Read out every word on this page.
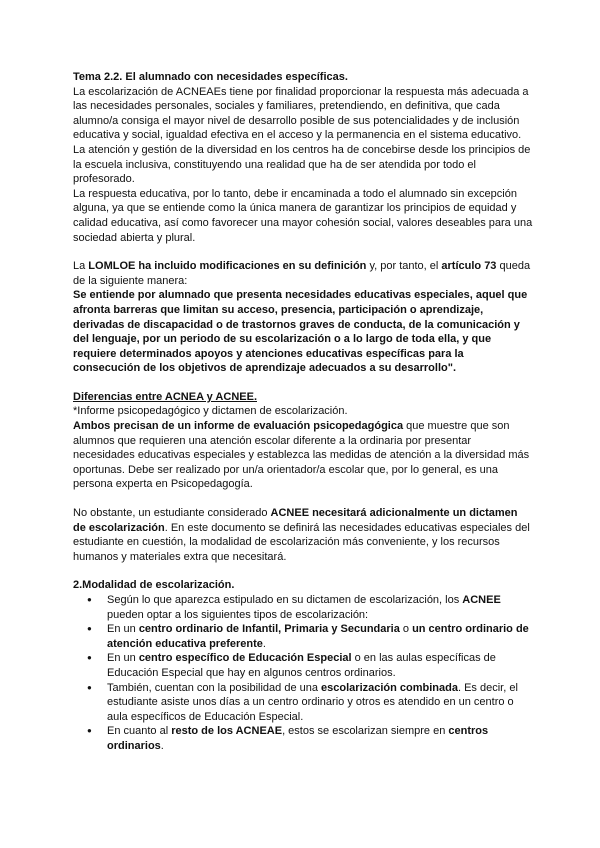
Tema 2.2. El alumnado con necesidades específicas.

La escolarización de ACNEAEs tiene por finalidad proporcionar la respuesta más adecuada a las necesidades personales, sociales y familiares, pretendiendo, en definitiva, que cada alumno/a consiga el mayor nivel de desarrollo posible de sus potencialidades y de inclusión educativa y social, igualdad efectiva en el acceso y la permanencia en el sistema educativo.

La atención y gestión de la diversidad en los centros ha de concebirse desde los principios de la escuela inclusiva, constituyendo una realidad que ha de ser atendida por todo el profesorado.

La respuesta educativa, por lo tanto, debe ir encaminada a todo el alumnado sin excepción alguna, ya que se entiende como la única manera de garantizar los principios de equidad y calidad educativa, así como favorecer una mayor cohesión social, valores deseables para una sociedad abierta y plural.

La LOMLOE ha incluido modificaciones en su definición y, por tanto, el artículo 73 queda de la siguiente manera:

Se entiende por alumnado que presenta necesidades educativas especiales, aquel que afronta barreras que limitan su acceso, presencia, participación o aprendizaje, derivadas de discapacidad o de trastornos graves de conducta, de la comunicación y del lenguaje, por un periodo de su escolarización o a lo largo de toda ella, y que requiere determinados apoyos y atenciones educativas específicas para la consecución de los objetivos de aprendizaje adecuados a su desarrollo".

Diferencias entre ACNEA y ACNEE.

*Informe psicopedagógico y dictamen de escolarización.

Ambos precisan de un informe de evaluación psicopedagógica que muestre que son alumnos que requieren una atención escolar diferente a la ordinaria por presentar necesidades educativas especiales y establezca las medidas de atención a la diversidad más oportunas. Debe ser realizado por un/a orientador/a escolar que, por lo general, es una persona experta en Psicopedagogía.

No obstante, un estudiante considerado ACNEE necesitará adicionalmente un dictamen de escolarización. En este documento se definirá las necesidades educativas especiales del estudiante en cuestión, la modalidad de escolarización más conveniente, y los recursos humanos y materiales extra que necesitará.

2.Modalidad de escolarización.

● Según lo que aparezca estipulado en su dictamen de escolarización, los ACNEE pueden optar a los siguientes tipos de escolarización:
● En un centro ordinario de Infantil, Primaria y Secundaria o un centro ordinario de atención educativa preferente.
● En un centro específico de Educación Especial o en las aulas específicas de Educación Especial que hay en algunos centros ordinarios.
● También, cuentan con la posibilidad de una escolarización combinada. Es decir, el estudiante asiste unos días a un centro ordinario y otros es atendido en un centro o aula específicos de Educación Especial.
● En cuanto al resto de los ACNEAE, estos se escolarizan siempre en centros ordinarios.
